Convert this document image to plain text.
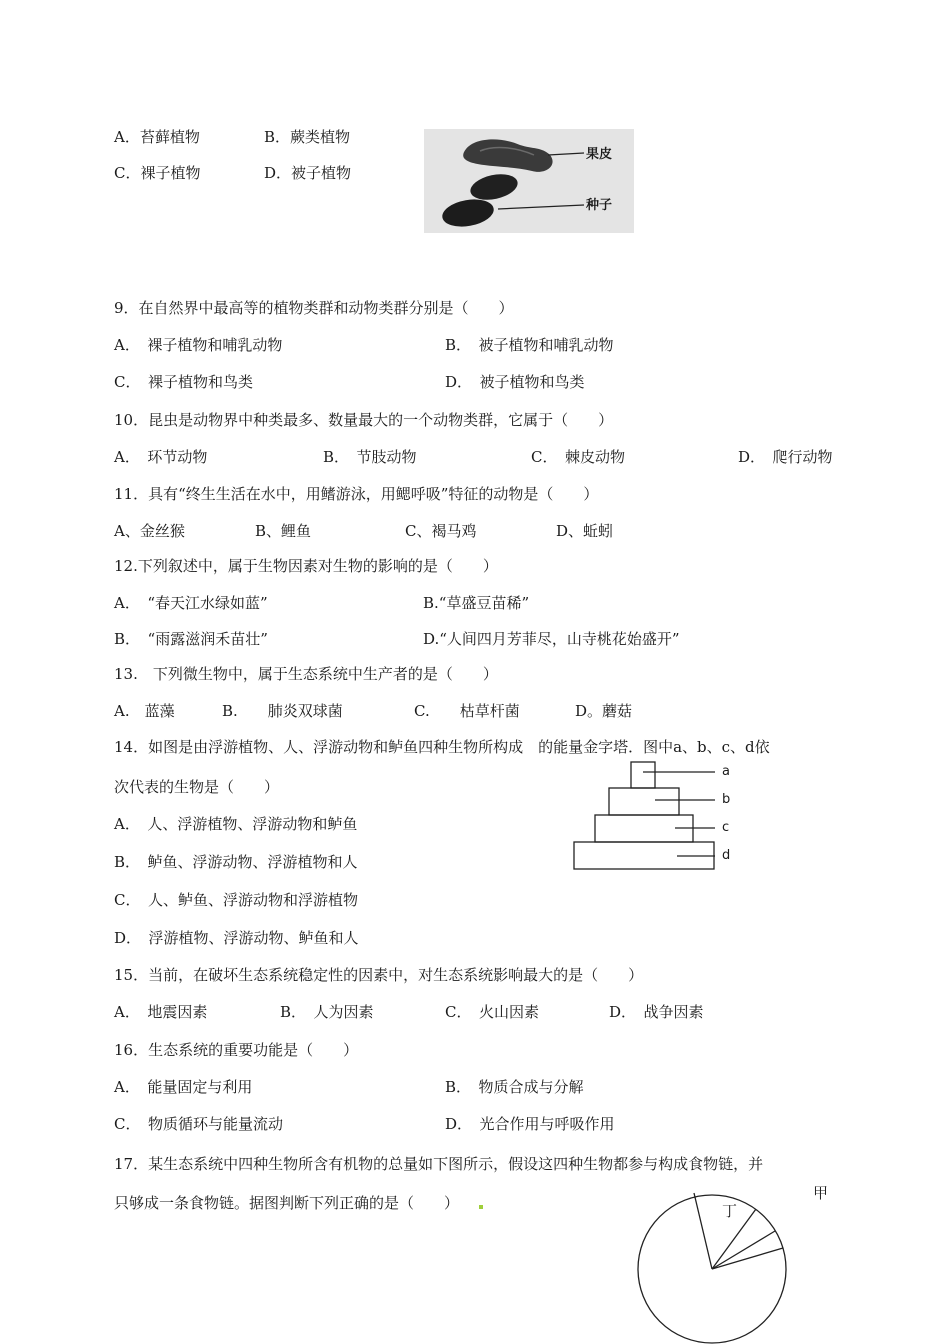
A．苔藓植物	B．蕨类植物
C．裸子植物	D．被子植物
果皮
种子
9．在自然界中最高等的植物类群和动物类群分别是（　　）
A．　裸子植物和哺乳动物	B．　被子植物和哺乳动物
C．　裸子植物和鸟类	D．　被子植物和鸟类
10．昆虫是动物界中种类最多、数量最大的一个动物类群，它属于（　　）
A．　环节动物	B．　节肢动物	C．　棘皮动物	D．　爬行动物
11．具有“终生生活在水中，用鳍游泳，用鳃呼吸”特征的动物是（　　）
A、金丝猴	B、鲤鱼	C、褐马鸡	D、蚯蚓
12.下列叙述中，属于生物因素对生物的影响的是（　　）
A．　“春天江水绿如蓝”	B.“草盛豆苗稀”
B．　“雨露滋润禾苗壮”	D.“人间四月芳菲尽，山寺桃花始盛开”
13.　下列微生物中，属于生态系统中生产者的是（　　）
A.　蓝藻	B.　　肺炎双球菌	C.　　枯草杆菌	D。蘑菇
14．如图是由浮游植物、人、浮游动物和鲈鱼四种生物所构成　的能量金字塔．图中a、b、c、d依
次代表的生物是（　　）
A．　人、浮游植物、浮游动物和鲈鱼
B．　鲈鱼、浮游动物、浮游植物和人
C．　人、鲈鱼、浮游动物和浮游植物
D．　浮游植物、浮游动物、鲈鱼和人
a
b
c
d
15．当前，在破坏生态系统稳定性的因素中，对生态系统影响最大的是（　　）
A．　地震因素	B．　人为因素	C．　火山因素	D．　战争因素
16．生态系统的重要功能是（　　）
A．　能量固定与利用	B．　物质合成与分解
C．　物质循环与能量流动	D．　光合作用与呼吸作用
17．某生态系统中四种生物所含有机物的总量如下图所示，假设这四种生物都参与构成食物链，并
只够成一条食物链。据图判断下列正确的是（　　）
甲
丁
